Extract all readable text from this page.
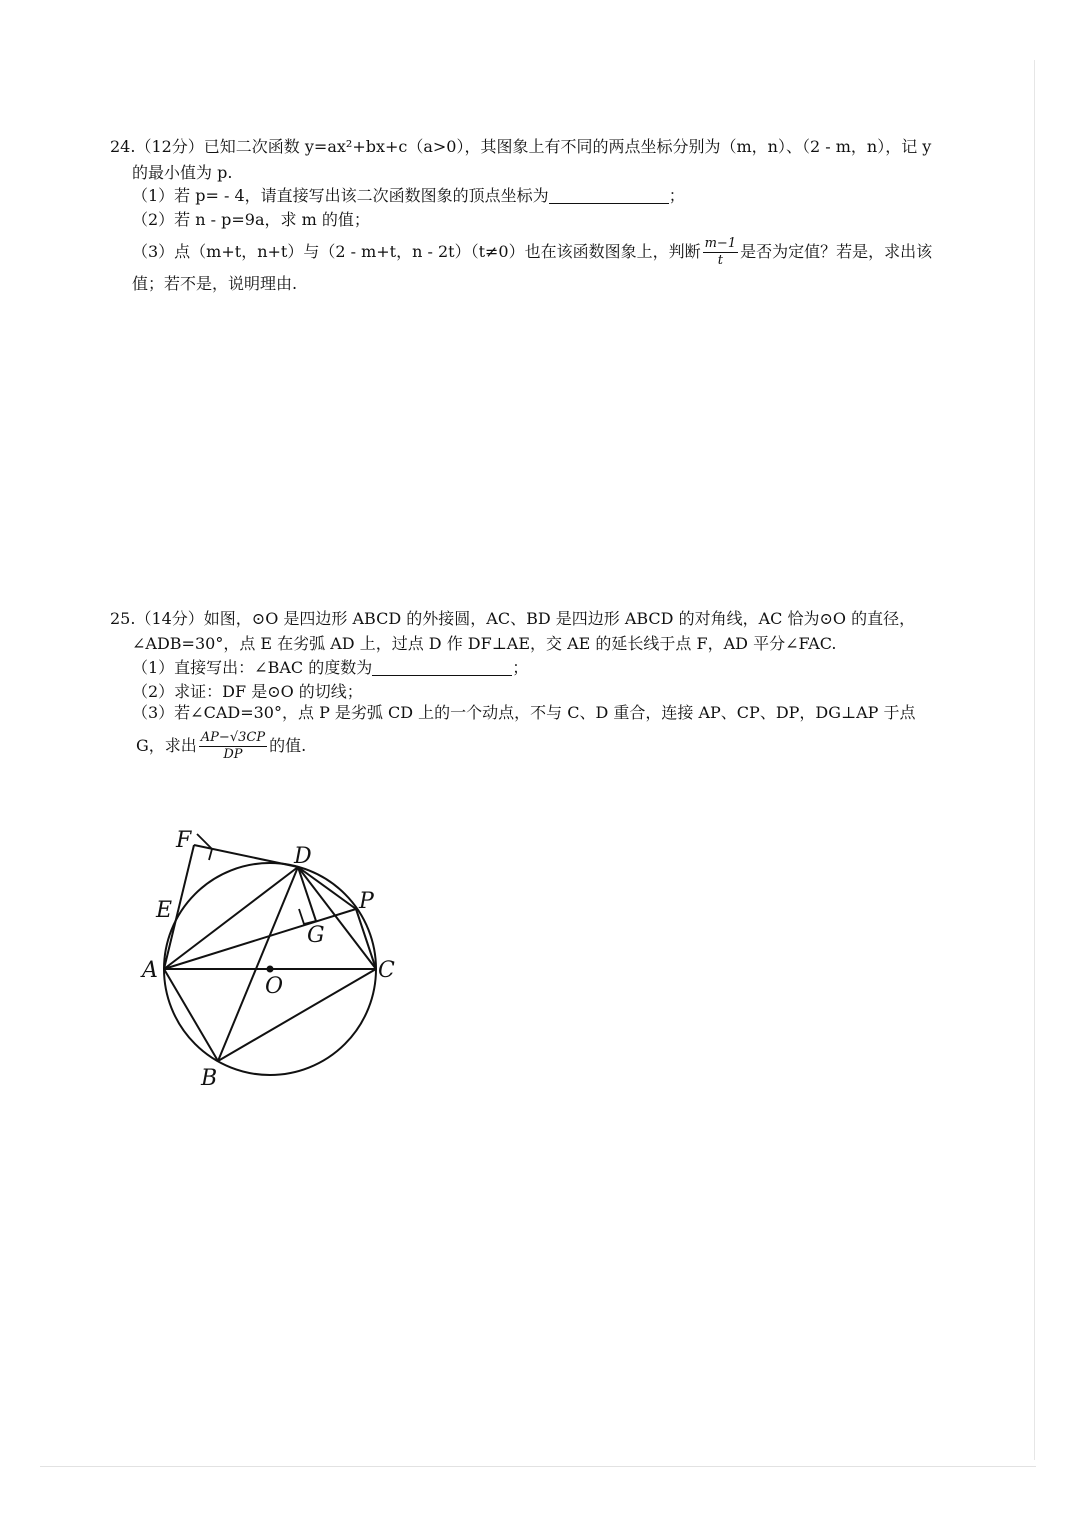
24.（12分）已知二次函数 y=ax²+bx+c（a>0），其图象上有不同的两点坐标分别为（m，n）、（2 - m，n），记 y
的最小值为 p.
（1）若 p= - 4，请直接写出该二次函数图象的顶点坐标为	；
（2）若 n - p=9a，求 m 的值；
（3）点（m+t，n+t）与（2 - m+t，n - 2t）（t≠0）也在该函数图象上，判断 $\frac{m-1}{t}$ 是否为定值？若是，求出该
值；若不是，说明理由.
25.（14分）如图，⊙O 是四边形 ABCD 的外接圆，AC、BD 是四边形 ABCD 的对角线，AC 恰为⊙O 的直径，
∠ADB=30°，点 E 在劣弧 AD 上，过点 D 作 DF⊥AE，交 AE 的延长线于点 F，AD 平分∠FAC.
（1）直接写出：∠BAC 的度数为	；
（2）求证：DF 是⊙O 的切线；
（3）若∠CAD=30°，点 P 是劣弧 CD 上的一个动点，不与 C、D 重合，连接 AP、CP、DP，DG⊥AP 于点
G，求出 $\frac{AP-√3CP}{DP}$ 的值.
F
D
E	P
G
A
O
C
B
